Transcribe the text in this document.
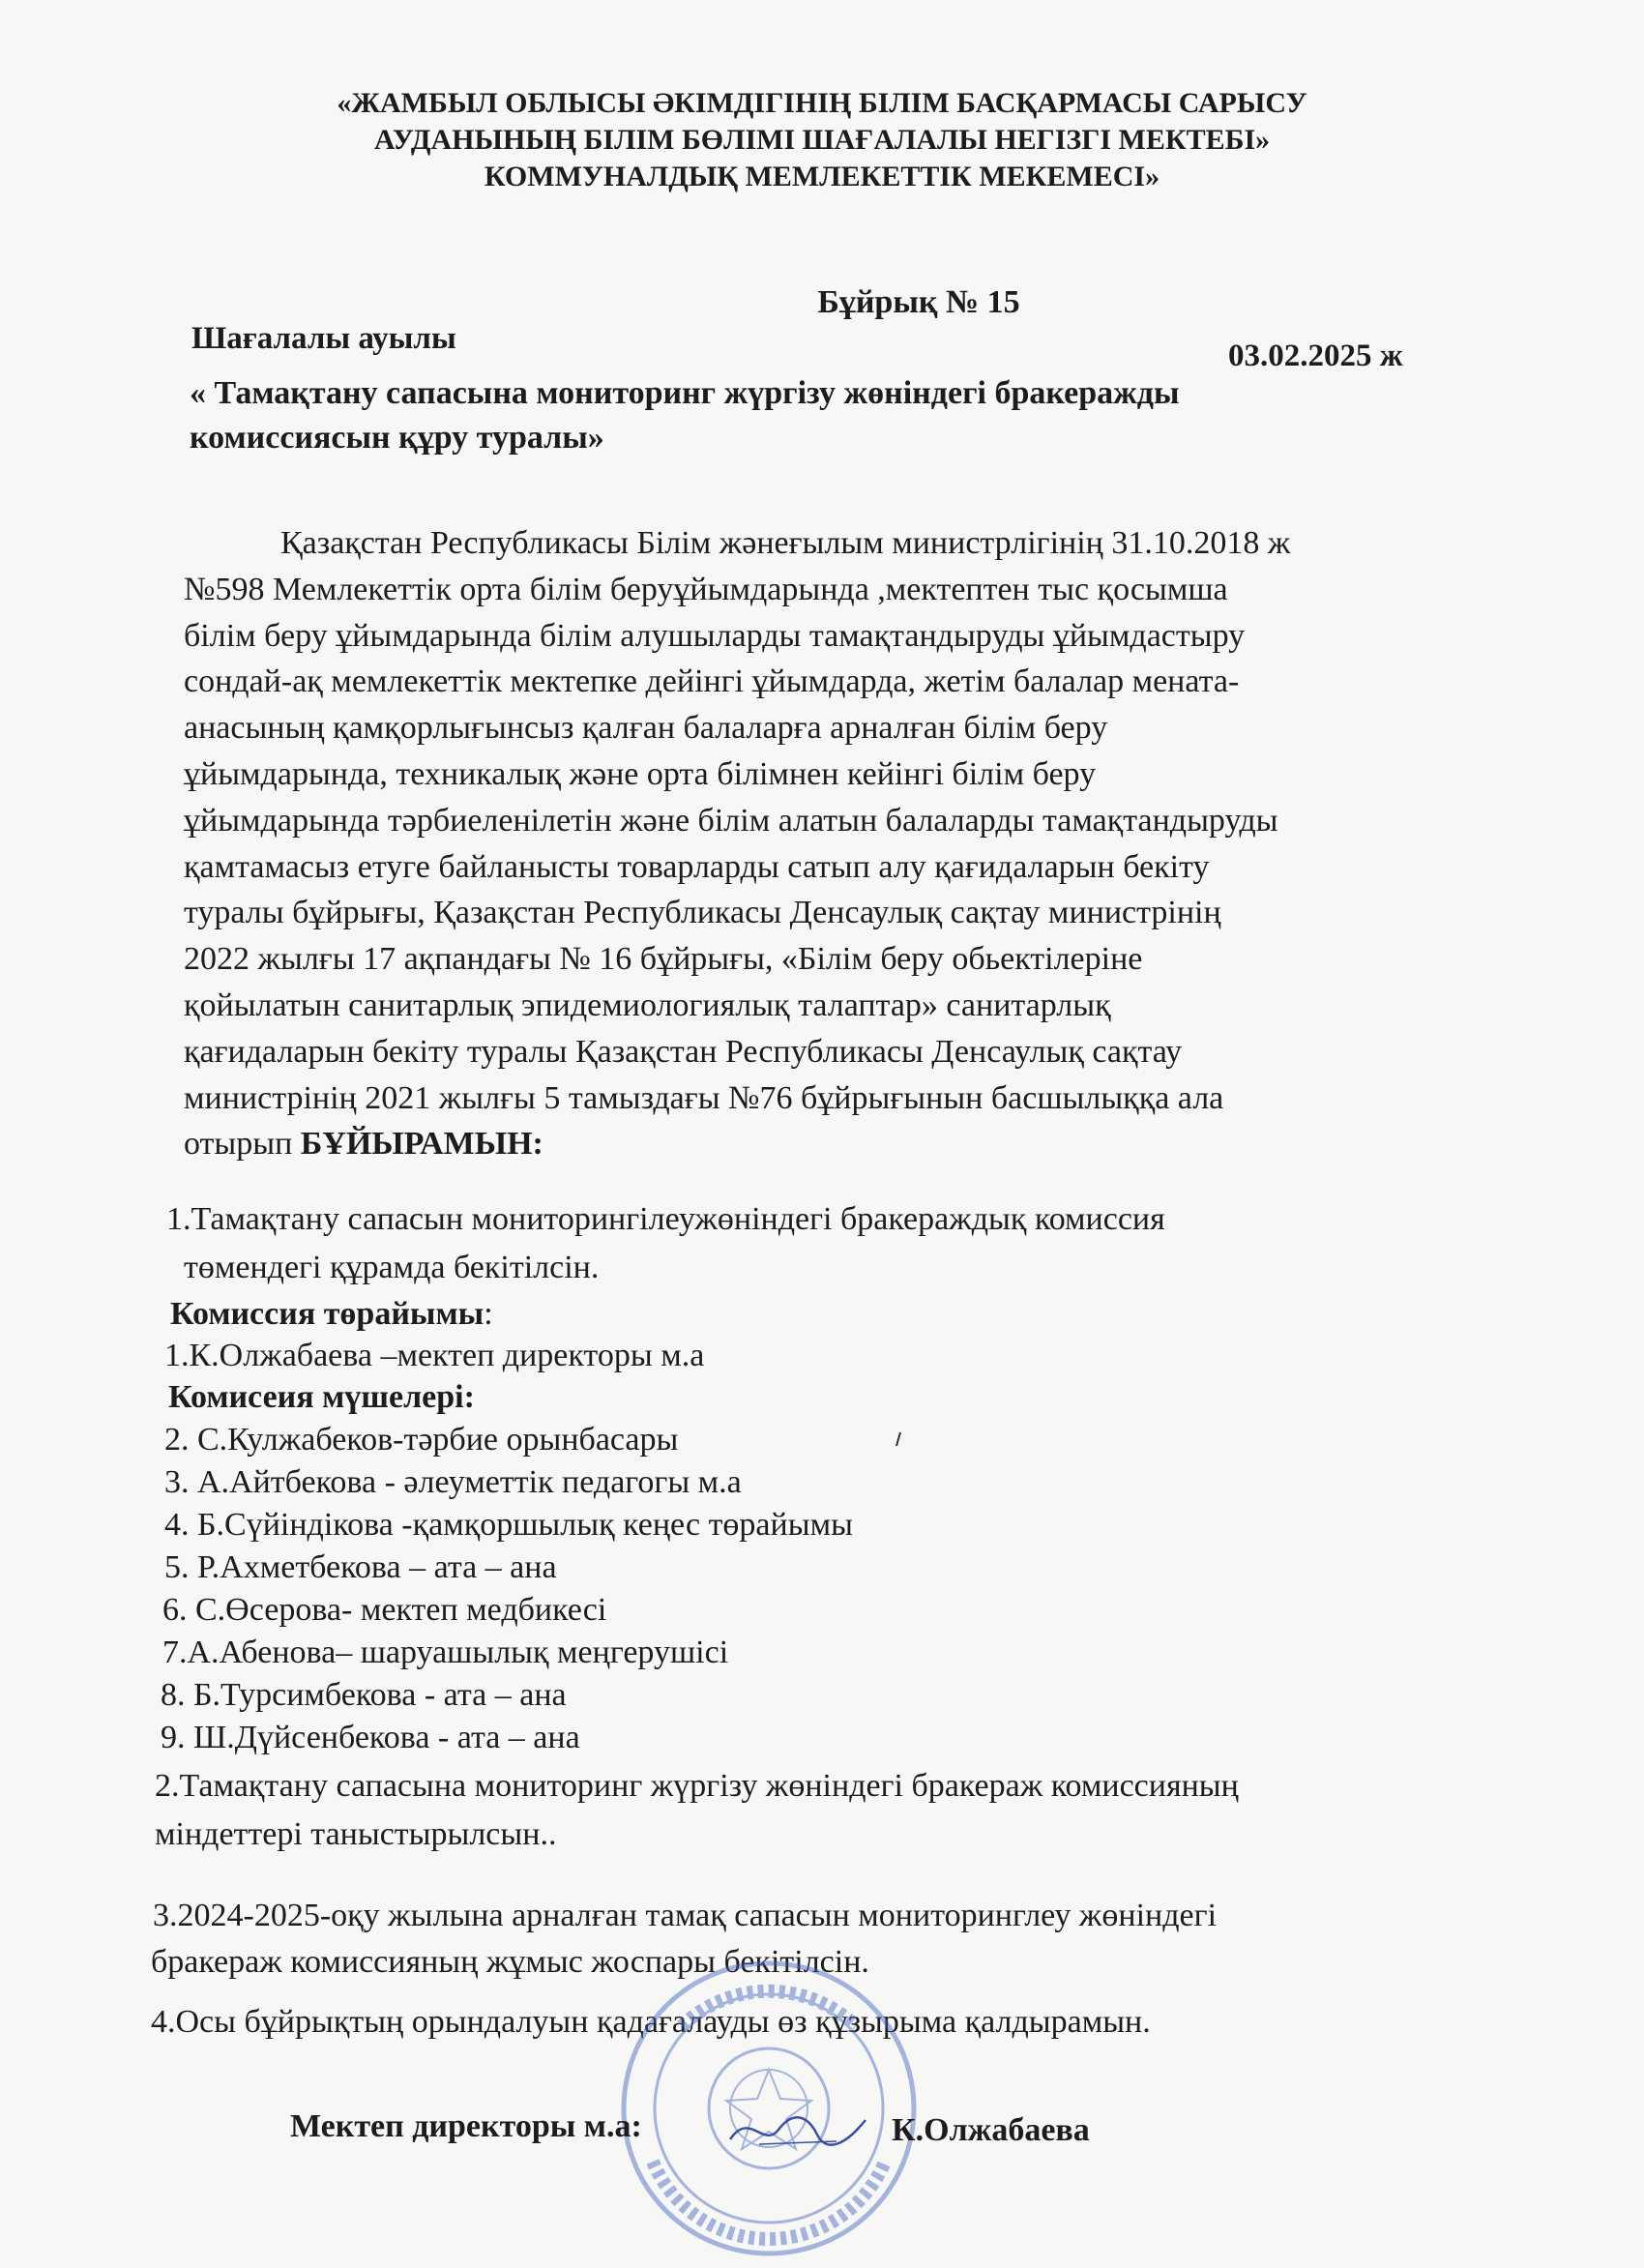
«ЖАМБЫЛ ОБЛЫСЫ ӘКІМДІГІНІҢ БІЛІМ БАСҚАРМАСЫ САРЫСУ
АУДАНЫНЫҢ БІЛІМ БӨЛІМІ ШАҒАЛАЛЫ НЕГІЗГІ МЕКТЕБІ»
КОММУНАЛДЫҚ МЕМЛЕКЕТТІК МЕКЕМЕСІ»
Бұйрық № 15
Шағалалы ауылы	03.02.2025 ж
« Тамақтану сапасына мониторинг жүргізу жөніндегі бракеражды
комиссиясын құру туралы»
Қазақстан Республикасы Білім жәнеғылым министрлігінің 31.10.2018 ж
№598 Мемлекеттік орта білім беруұйымдарында ,мектептен тыс қосымша
білім беру ұйымдарында білім алушыларды тамақтандыруды ұйымдастыру
сондай-ақ мемлекеттік мектепке дейінгі ұйымдарда, жетім балалар мената-
анасының қамқорлығынсыз қалған балаларға арналған білім беру
ұйымдарында, техникалық және орта білімнен кейінгі білім беру
ұйымдарында тәрбиеленілетін және білім алатын балаларды тамақтандыруды
қамтамасыз етуге байланысты товарларды сатып алу қағидаларын бекіту
туралы бұйрығы, Қазақстан Республикасы Денсаулық сақтау министрінің
2022 жылғы 17 ақпандағы № 16 бұйрығы, «Білім беру обьектілеріне
қойылатын санитарлық эпидемиологиялық талаптар» санитарлық
қағидаларын бекіту туралы Қазақстан Республикасы Денсаулық сақтау
министрінің 2021 жылғы 5 тамыздағы №76 бұйрығынын басшылыққа ала
отырып БҰЙЫРАМЫН:
1.Тамақтану сапасын мониторингілеужөніндегі бракераждық комиссия
төмендегі құрамда бекітілсін.
Комиссия төрайымы:
1.К.Олжабаева –мектеп директоры м.а
Комисеия мүшелері:
2. С.Кулжабеков-тәрбие орынбасары
3. А.Айтбекова - әлеуметтік педагогы м.а
4. Б.Сүйіндікова -қамқоршылық кеңес төрайымы
5. Р.Ахметбекова – ата – ана
6. С.Өсерова- мектеп медбикесі
7.А.Абенова– шаруашылық меңгерушісі
8. Б.Турсимбекова - ата – ана
9. Ш.Дүйсенбекова - ата – ана
2.Тамақтану сапасына мониторинг жүргізу жөніндегі бракераж комиссияның
міндеттері таныстырылсын..
3.2024-2025-оқу жылына арналған тамақ сапасын мониторинглеу жөніндегі
бракераж комиссияның жұмыс жоспары бекітілсін.
4.Осы бұйрықтың орындалуын қадағалауды өз құзырыма қалдырамын.
Мектеп директоры м.а:	К.Олжабаева
